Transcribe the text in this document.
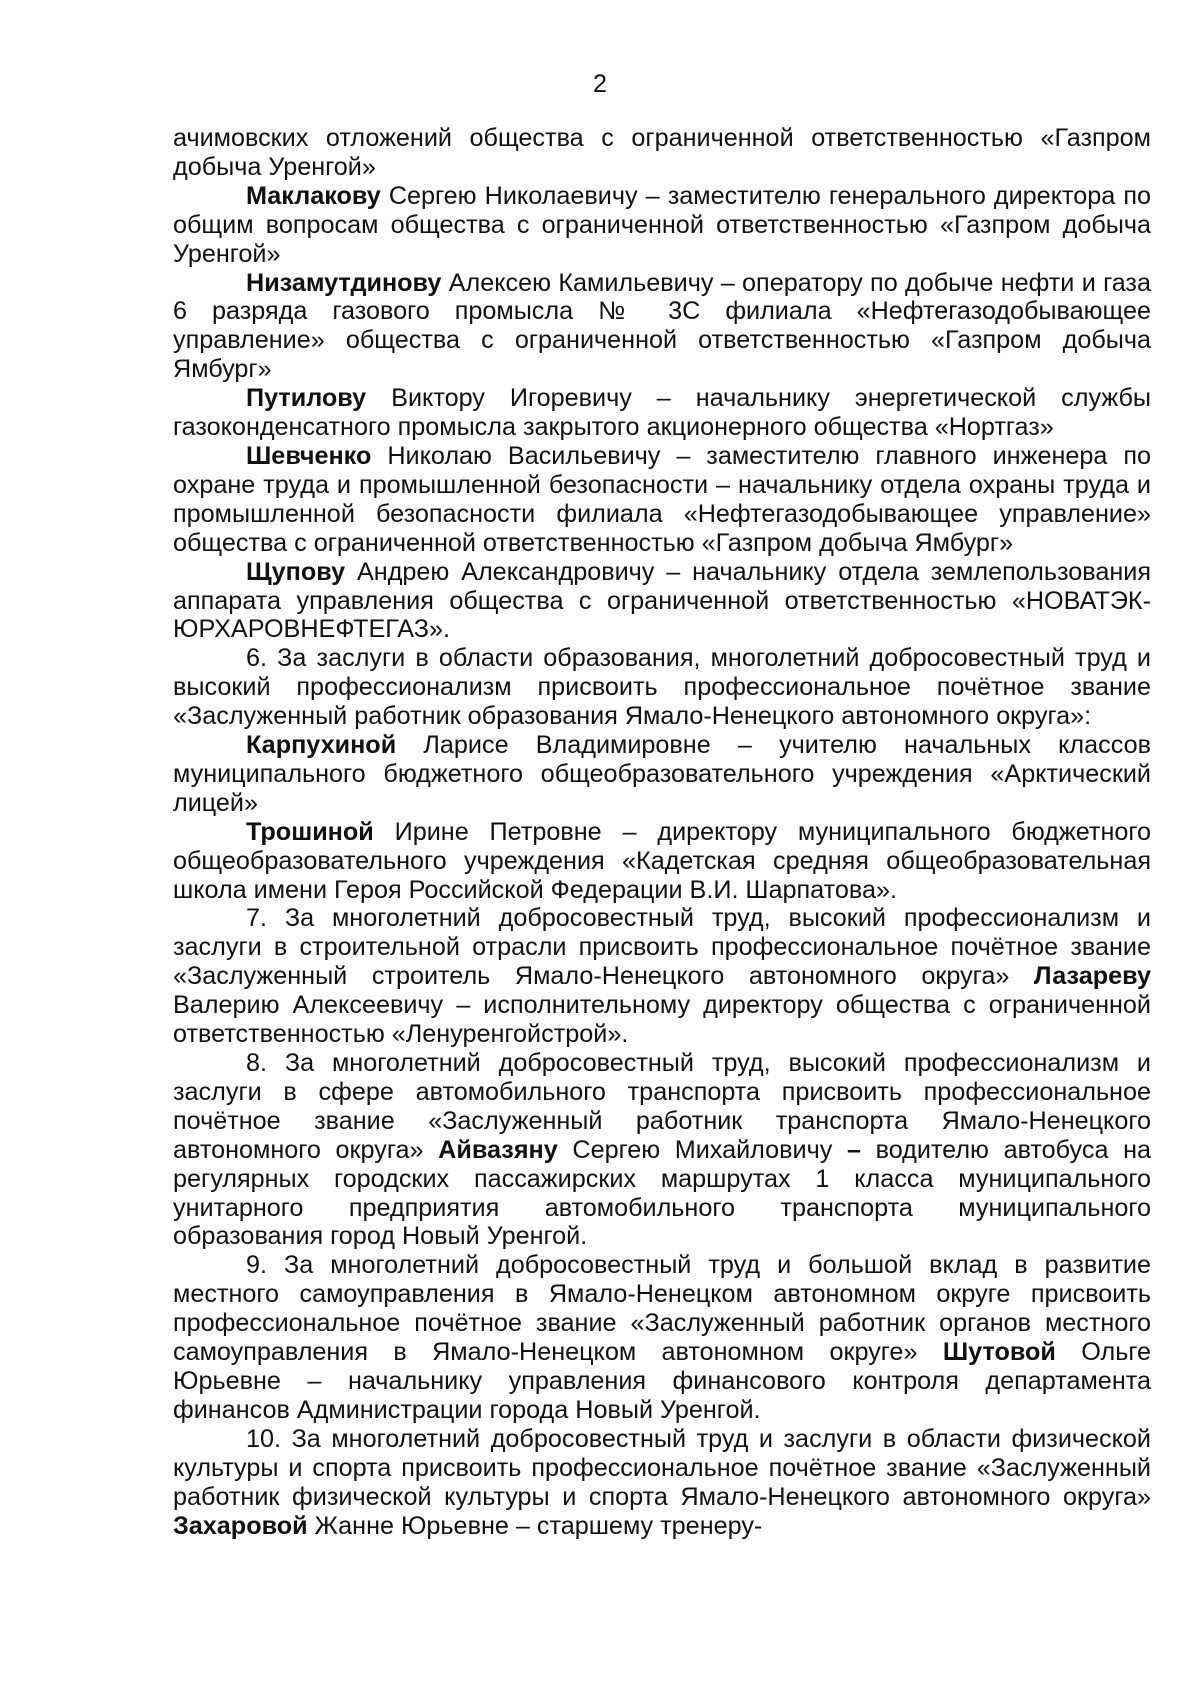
2

ачимовских отложений общества с ограниченной ответственностью «Газпром добыча Уренгой»

Маклакову Сергею Николаевичу – заместителю генерального директора по общим вопросам общества с ограниченной ответственностью «Газпром добыча Уренгой»

Низамутдинову Алексею Камильевичу – оператору по добыче нефти и газа 6 разряда газового промысла № 3С филиала «Нефтегазодобывающее управление» общества с ограниченной ответственностью «Газпром добыча Ямбург»

Путилову Виктору Игоревичу – начальнику энергетической службы газоконденсатного промысла закрытого акционерного общества «Нортгаз»

Шевченко Николаю Васильевичу – заместителю главного инженера по охране труда и промышленной безопасности – начальнику отдела охраны труда и промышленной безопасности филиала «Нефтегазодобывающее управление» общества с ограниченной ответственностью «Газпром добыча Ямбург»

Щупову Андрею Александровичу – начальнику отдела землепользования аппарата управления общества с ограниченной ответственностью «НОВАТЭК-ЮРХАРОВНЕФТЕГАЗ».

6. За заслуги в области образования, многолетний добросовестный труд и высокий профессионализм присвоить профессиональное почётное звание «Заслуженный работник образования Ямало-Ненецкого автономного округа»:

Карпухиной Ларисе Владимировне – учителю начальных классов муниципального бюджетного общеобразовательного учреждения «Арктический лицей»

Трошиной Ирине Петровне – директору муниципального бюджетного общеобразовательного учреждения «Кадетская средняя общеобразовательная школа имени Героя Российской Федерации В.И. Шарпатова».

7. За многолетний добросовестный труд, высокий профессионализм и заслуги в строительной отрасли присвоить профессиональное почётное звание «Заслуженный строитель Ямало-Ненецкого автономного округа» Лазареву Валерию Алексеевичу – исполнительному директору общества с ограниченной ответственностью «Ленуренгойстрой».

8. За многолетний добросовестный труд, высокий профессионализм и заслуги в сфере автомобильного транспорта присвоить профессиональное почётное звание «Заслуженный работник транспорта Ямало-Ненецкого автономного округа» Айвазяну Сергею Михайловичу – водителю автобуса на регулярных городских пассажирских маршрутах 1 класса муниципального унитарного предприятия автомобильного транспорта муниципального образования город Новый Уренгой.

9. За многолетний добросовестный труд и большой вклад в развитие местного самоуправления в Ямало-Ненецком автономном округе присвоить профессиональное почётное звание «Заслуженный работник органов местного самоуправления в Ямало-Ненецком автономном округе» Шутовой Ольге Юрьевне – начальнику управления финансового контроля департамента финансов Администрации города Новый Уренгой.

10. За многолетний добросовестный труд и заслуги в области физической культуры и спорта присвоить профессиональное почётное звание «Заслуженный работник физической культуры и спорта Ямало-Ненецкого автономного округа» Захаровой Жанне Юрьевне – старшему тренеру-
